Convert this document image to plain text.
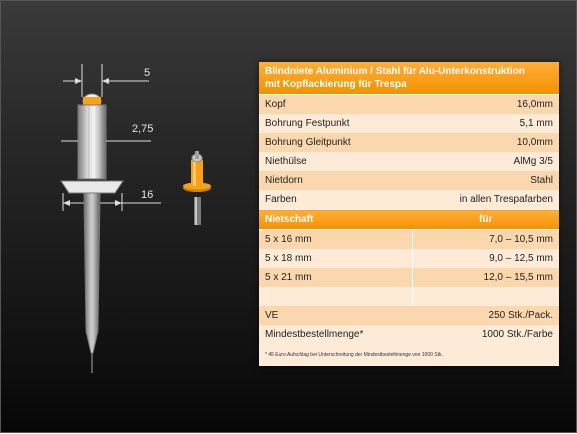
5
2,75
16
Blindniete Aluminium / Stahl für Alu-Unterkonstruktion
mit Kopflackierung für Trespa	

Kopf	16,0mm
Bohrung Festpunkt	5,1 mm
Bohrung Gleitpunkt	10,0mm
Niethülse	AlMg 3/5
Nietdorn	Stahl
Farben	in allen Trespafarben
Nietschaft	für
5 x 16 mm	7,0 – 10,5 mm
5 x 18 mm	9,0 – 12,5 mm
5 x 21 mm	12,0 – 15,5 mm

VE	250 Stk./Pack.
Mindestbestellmenge*	1000 Stk./Farbe
* 45 Euro Aufschlag bei Unterschreitung der Mindestbestellmenge von 1000 Stk.	
